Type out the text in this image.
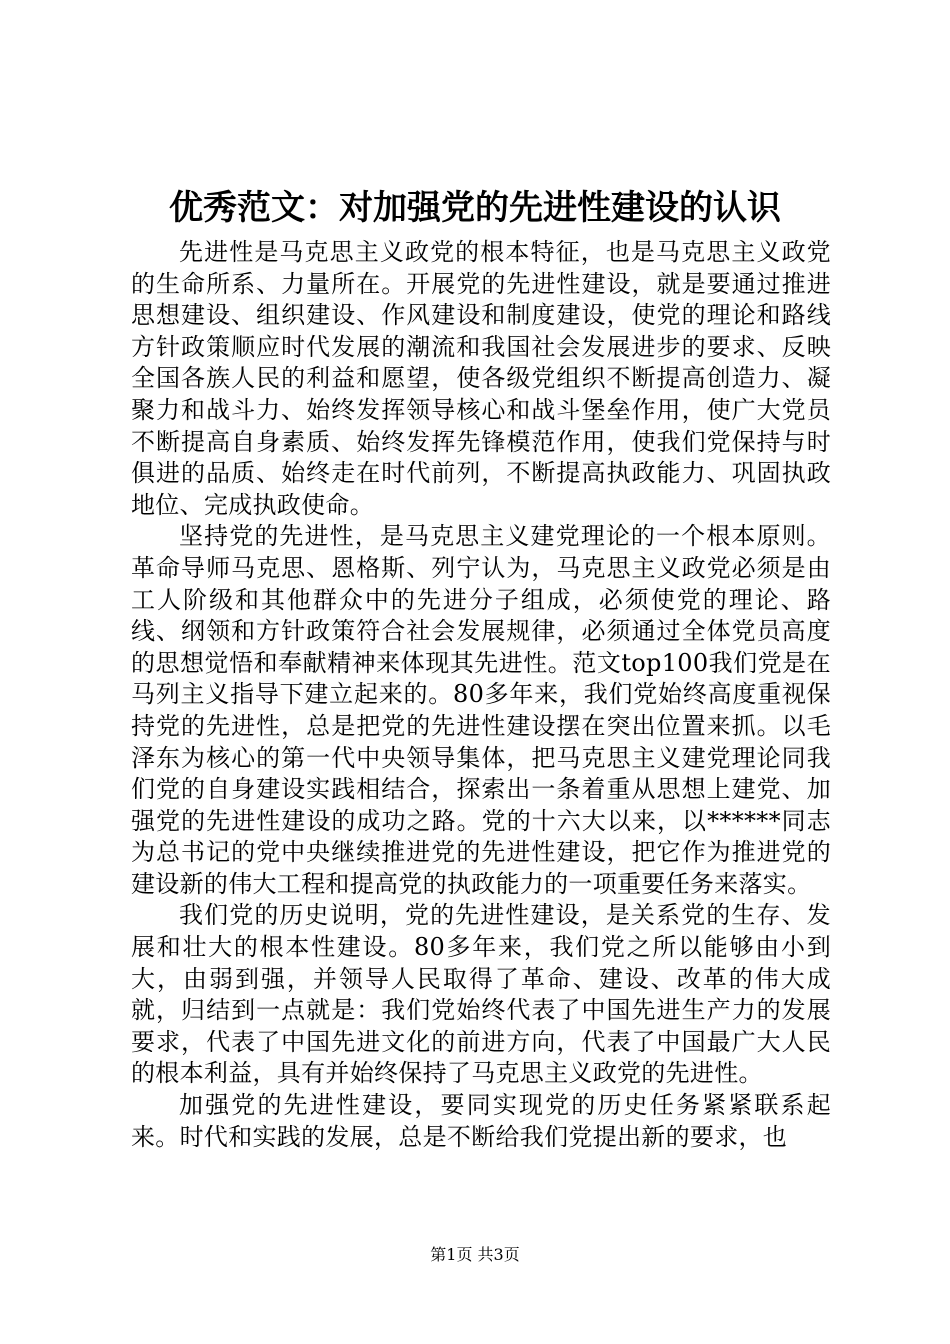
优秀范文：对加强党的先进性建设的认识

先进性是马克思主义政党的根本特征，也是马克思主义政党的生命所系、力量所在。开展党的先进性建设，就是要通过推进思想建设、组织建设、作风建设和制度建设，使党的理论和路线方针政策顺应时代发展的潮流和我国社会发展进步的要求、反映全国各族人民的利益和愿望，使各级党组织不断提高创造力、凝聚力和战斗力、始终发挥领导核心和战斗堡垒作用，使广大党员不断提高自身素质、始终发挥先锋模范作用，使我们党保持与时俱进的品质、始终走在时代前列，不断提高执政能力、巩固执政地位、完成执政使命。

坚持党的先进性，是马克思主义建党理论的一个根本原则。革命导师马克思、恩格斯、列宁认为，马克思主义政党必须是由工人阶级和其他群众中的先进分子组成，必须使党的理论、路线、纲领和方针政策符合社会发展规律，必须通过全体党员高度的思想觉悟和奉献精神来体现其先进性。范文top100我们党是在马列主义指导下建立起来的。80多年来，我们党始终高度重视保持党的先进性，总是把党的先进性建设摆在突出位置来抓。以毛泽东为核心的第一代中央领导集体，把马克思主义建党理论同我们党的自身建设实践相结合，探索出一条着重从思想上建党、加强党的先进性建设的成功之路。党的十六大以来，以******同志为总书记的党中央继续推进党的先进性建设，把它作为推进党的建设新的伟大工程和提高党的执政能力的一项重要任务来落实。

我们党的历史说明，党的先进性建设，是关系党的生存、发展和壮大的根本性建设。80多年来，我们党之所以能够由小到大，由弱到强，并领导人民取得了革命、建设、改革的伟大成就，归结到一点就是：我们党始终代表了中国先进生产力的发展要求，代表了中国先进文化的前进方向，代表了中国最广大人民的根本利益，具有并始终保持了马克思主义政党的先进性。

加强党的先进性建设，要同实现党的历史任务紧紧联系起来。时代和实践的发展，总是不断给我们党提出新的要求，也

第1页 共3页
